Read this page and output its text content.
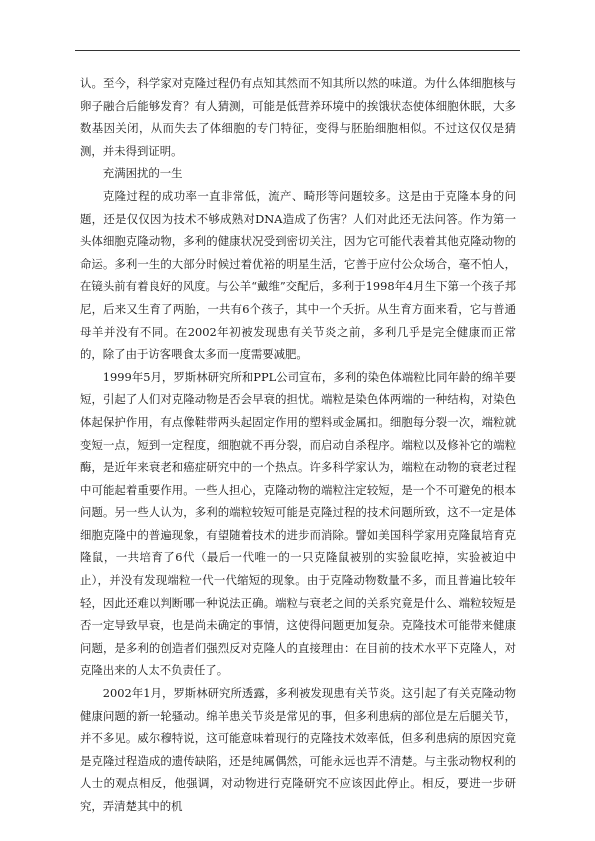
认。至今，科学家对克隆过程仍有点知其然而不知其所以然的味道。为什么体细胞核与卵子融合后能够发育？有人猜测，可能是低营养环境中的挨饿状态使体细胞休眠，大多数基因关闭，从而失去了体细胞的专门特征，变得与胚胎细胞相似。不过这仅仅是猜测，并未得到证明。

充满困扰的一生

克隆过程的成功率一直非常低，流产、畸形等问题较多。这是由于克隆本身的问题，还是仅仅因为技术不够成熟对DNA造成了伤害？人们对此还无法问答。作为第一头体细胞克隆动物，多利的健康状况受到密切关注，因为它可能代表着其他克隆动物的命运。多利一生的大部分时候过着优裕的明星生活，它善于应付公众场合，毫不怕人，在镜头前有着良好的风度。与公羊“戴维”交配后，多利于1998年4月生下第一个孩子邦尼，后来又生育了两胎，一共有6个孩子，其中一个夭折。从生育方面来看，它与普通母羊并没有不同。在2002年初被发现患有关节炎之前，多利几乎是完全健康而正常的，除了由于访客喂食太多而一度需要减肥。

1999年5月，罗斯林研究所和PPL公司宣布，多利的染色体端粒比同年龄的绵羊要短，引起了人们对克隆动物是否会早衰的担忧。端粒是染色体两端的一种结构，对染色体起保护作用，有点像鞋带两头起固定作用的塑料或金属扣。细胞每分裂一次，端粒就变短一点，短到一定程度，细胞就不再分裂，而启动自杀程序。端粒以及修补它的端粒酶，是近年来衰老和癌症研究中的一个热点。许多科学家认为，端粒在动物的衰老过程中可能起着重要作用。一些人担心，克隆动物的端粒注定较短，是一个不可避免的根本问题。另一些人认为，多利的端粒较短可能是克隆过程的技术问题所致，这不一定是体细胞克隆中的普遍现象，有望随着技术的进步而消除。譬如美国科学家用克隆鼠培育克隆鼠，一共培育了6代（最后一代唯一的一只克隆鼠被别的实验鼠吃掉，实验被迫中止），并没有发现端粒一代一代缩短的现象。由于克隆动物数量不多，而且普遍比较年轻，因此还难以判断哪一种说法正确。端粒与衰老之间的关系究竟是什么、端粒较短是否一定导致早衰，也是尚未确定的事情，这使得问题更加复杂。克隆技术可能带来健康问题，是多利的创造者们强烈反对克隆人的直接理由：在目前的技术水平下克隆人，对克隆出来的人太不负责任了。

2002年1月，罗斯林研究所透露，多利被发现患有关节炎。这引起了有关克隆动物健康问题的新一轮骚动。绵羊患关节炎是常见的事，但多利患病的部位是左后腿关节，并不多见。威尔穆特说，这可能意味着现行的克隆技术效率低，但多利患病的原因究竟是克隆过程造成的遗传缺陷，还是纯属偶然，可能永远也弄不清楚。与主张动物权利的人士的观点相反，他强调，对动物进行克隆研究不应该因此停止。相反，要进一步研究，弄清楚其中的机
